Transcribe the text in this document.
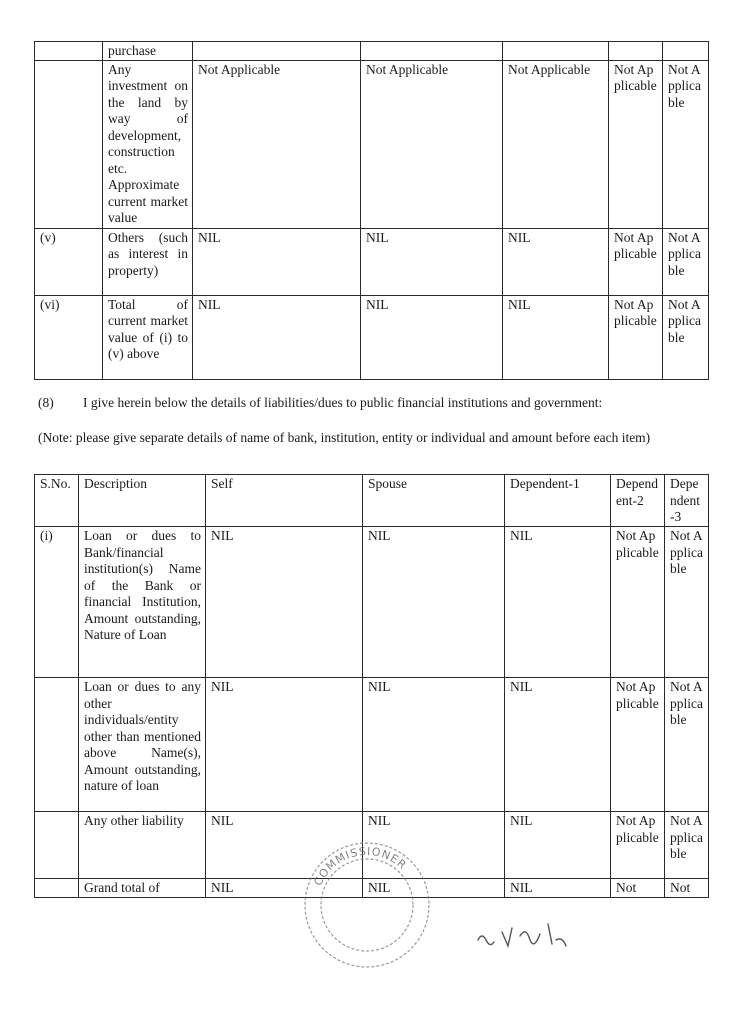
	purchase					
	Any investment on the land by way of development, construction etc. Approximate current market value	Not Applicable	Not Applicable	Not Applicable	Not Applicable	Not Applicable
(v)	Others (such as interest in property)	NIL	NIL	NIL	Not Applicable	Not Applicable
(vi)	Total of current market value of (i) to (v) above	NIL	NIL	NIL	Not Applicable	Not Applicable
(8) I give herein below the details of liabilities/dues to public financial institutions and government:
(Note: please give separate details of name of bank, institution, entity or individual and amount before each item)
S.No.	Description	Self	Spouse	Dependent-1	Dependent-2	Dependent-3
(i)	Loan or dues to Bank/financial institution(s) Name of the Bank or financial Institution, Amount outstanding, Nature of Loan	NIL	NIL	NIL	Not Applicable	Not Applicable
	Loan or dues to any other individuals/entity other than mentioned above Name(s), Amount outstanding, nature of loan	NIL	NIL	NIL	Not Applicable	Not Applicable
	Any other liability	NIL	NIL	NIL	Not Applicable	Not Applicable
	Grand total of	NIL	NIL	NIL	Not	Not
COMMISSIONER
